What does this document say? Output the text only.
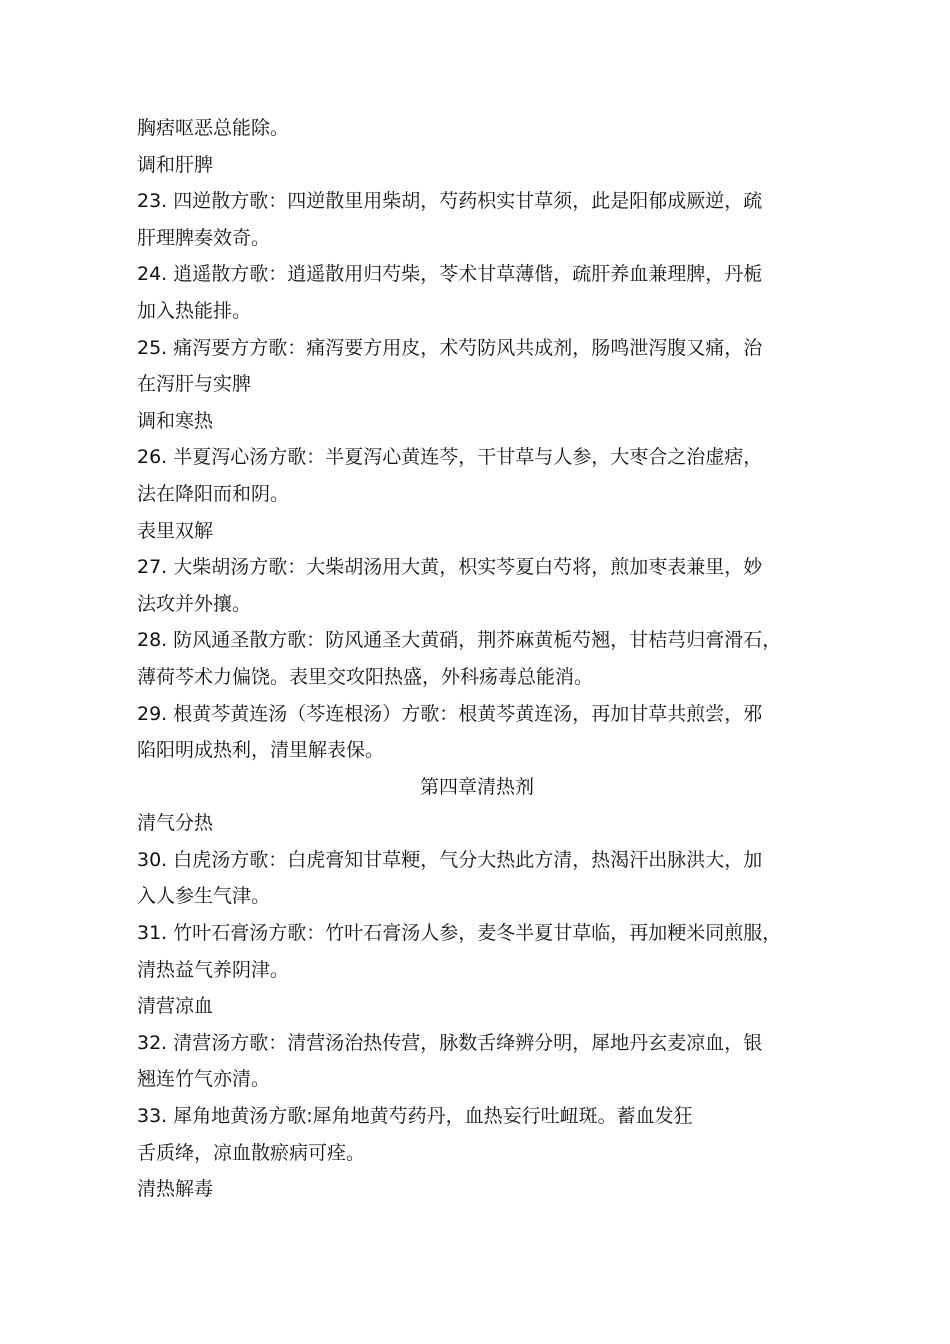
胸痞呕恶总能除。
调和肝脾
23. 四逆散方歌：四逆散里用柴胡，芍药枳实甘草须，此是阳郁成厥逆，疏
肝理脾奏效奇。
24. 逍遥散方歌：逍遥散用归芍柴，苓术甘草薄偕，疏肝养血兼理脾，丹栀
加入热能排。
25. 痛泻要方方歌：痛泻要方用皮，术芍防风共成剂，肠鸣泄泻腹又痛，治
在泻肝与实脾
调和寒热
26. 半夏泻心汤方歌：半夏泻心黄连芩，干甘草与人参，大枣合之治虚痞，
法在降阳而和阴。
表里双解
27. 大柴胡汤方歌：大柴胡汤用大黄，枳实芩夏白芍将，煎加枣表兼里，妙
法攻并外攘。
28. 防风通圣散方歌：防风通圣大黄硝，荆芥麻黄栀芍翘，甘桔芎归膏滑石，
薄荷芩术力偏饶。表里交攻阳热盛，外科疡毒总能消。
29. 根黄芩黄连汤（芩连根汤）方歌：根黄芩黄连汤，再加甘草共煎尝，邪
陷阳明成热利，清里解表保。
第四章清热剂
清气分热
30. 白虎汤方歌：白虎膏知甘草粳，气分大热此方清，热渴汗出脉洪大，加
入人参生气津。
31. 竹叶石膏汤方歌：竹叶石膏汤人参，麦冬半夏甘草临，再加粳米同煎服，
清热益气养阴津。
清营凉血
32. 清营汤方歌：清营汤治热传营，脉数舌绛辨分明，犀地丹玄麦凉血，银
翘连竹气亦清。
33. 犀角地黄汤方歌:犀角地黄芍药丹，血热妄行吐衄斑。蓄血发狂
舌质绛，凉血散瘀病可痊。
清热解毒
